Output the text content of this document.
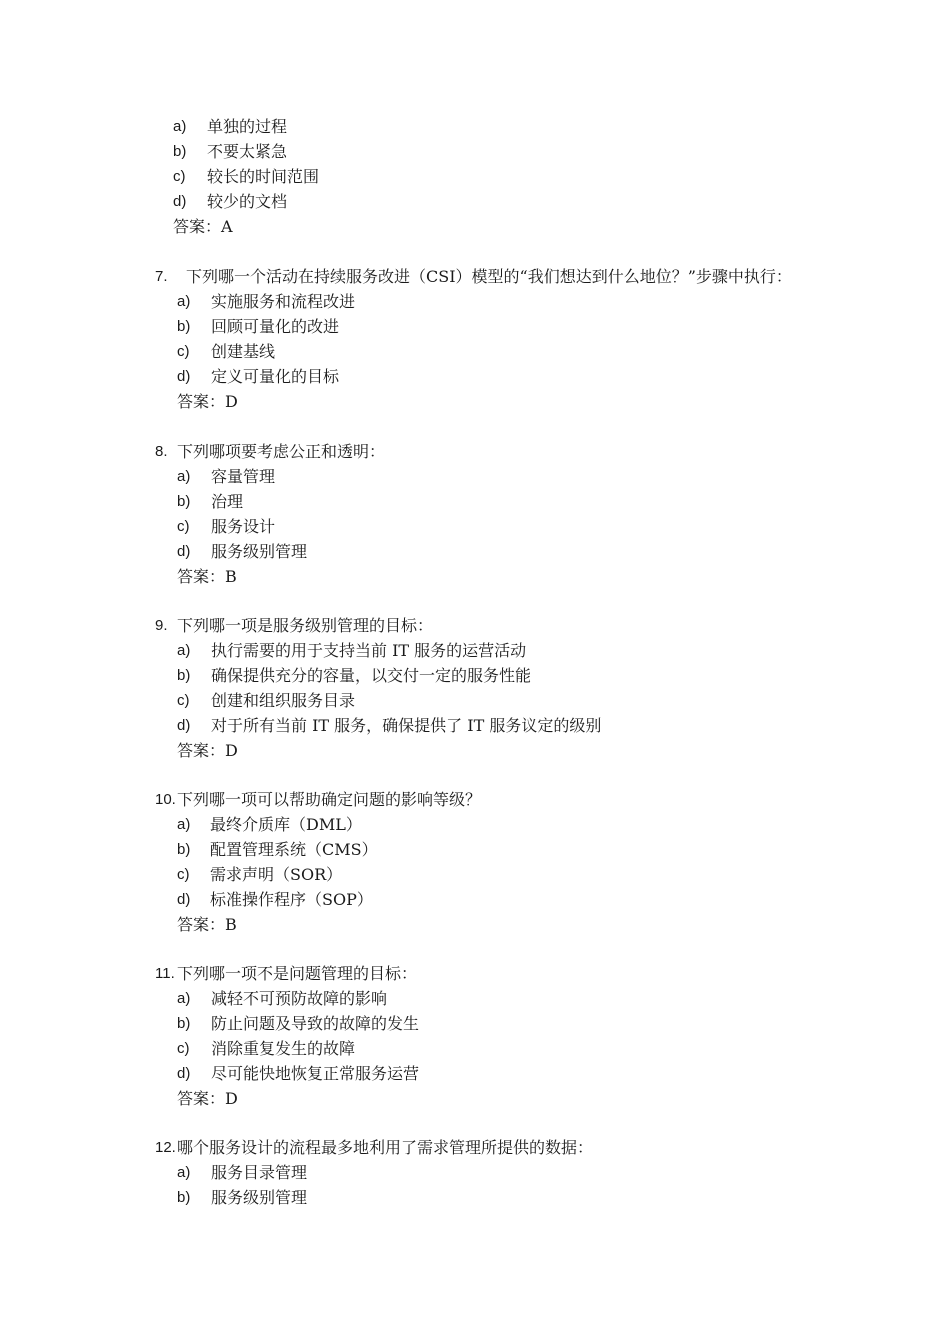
a) 单独的过程
b) 不要太紧急
c) 较长的时间范围
d) 较少的文档
答案：A
7. 下列哪一个活动在持续服务改进（CSI）模型的“我们想达到什么地位？”步骤中执行：
a) 实施服务和流程改进
b) 回顾可量化的改进
c) 创建基线
d) 定义可量化的目标
答案：D
8. 下列哪项要考虑公正和透明：
a) 容量管理
b) 治理
c) 服务设计
d) 服务级别管理
答案：B
9. 下列哪一项是服务级别管理的目标：
a) 执行需要的用于支持当前 IT 服务的运营活动
b) 确保提供充分的容量，以交付一定的服务性能
c) 创建和组织服务目录
d) 对于所有当前 IT 服务，确保提供了 IT 服务议定的级别
答案：D
10. 下列哪一项可以帮助确定问题的影响等级？
a) 最终介质库（DML）
b) 配置管理系统（CMS）
c) 需求声明（SOR）
d) 标准操作程序（SOP）
答案：B
11. 下列哪一项不是问题管理的目标：
a) 减轻不可预防故障的影响
b) 防止问题及导致的故障的发生
c) 消除重复发生的故障
d) 尽可能快地恢复正常服务运营
答案：D
12. 哪个服务设计的流程最多地利用了需求管理所提供的数据：
a) 服务目录管理
b) 服务级别管理
